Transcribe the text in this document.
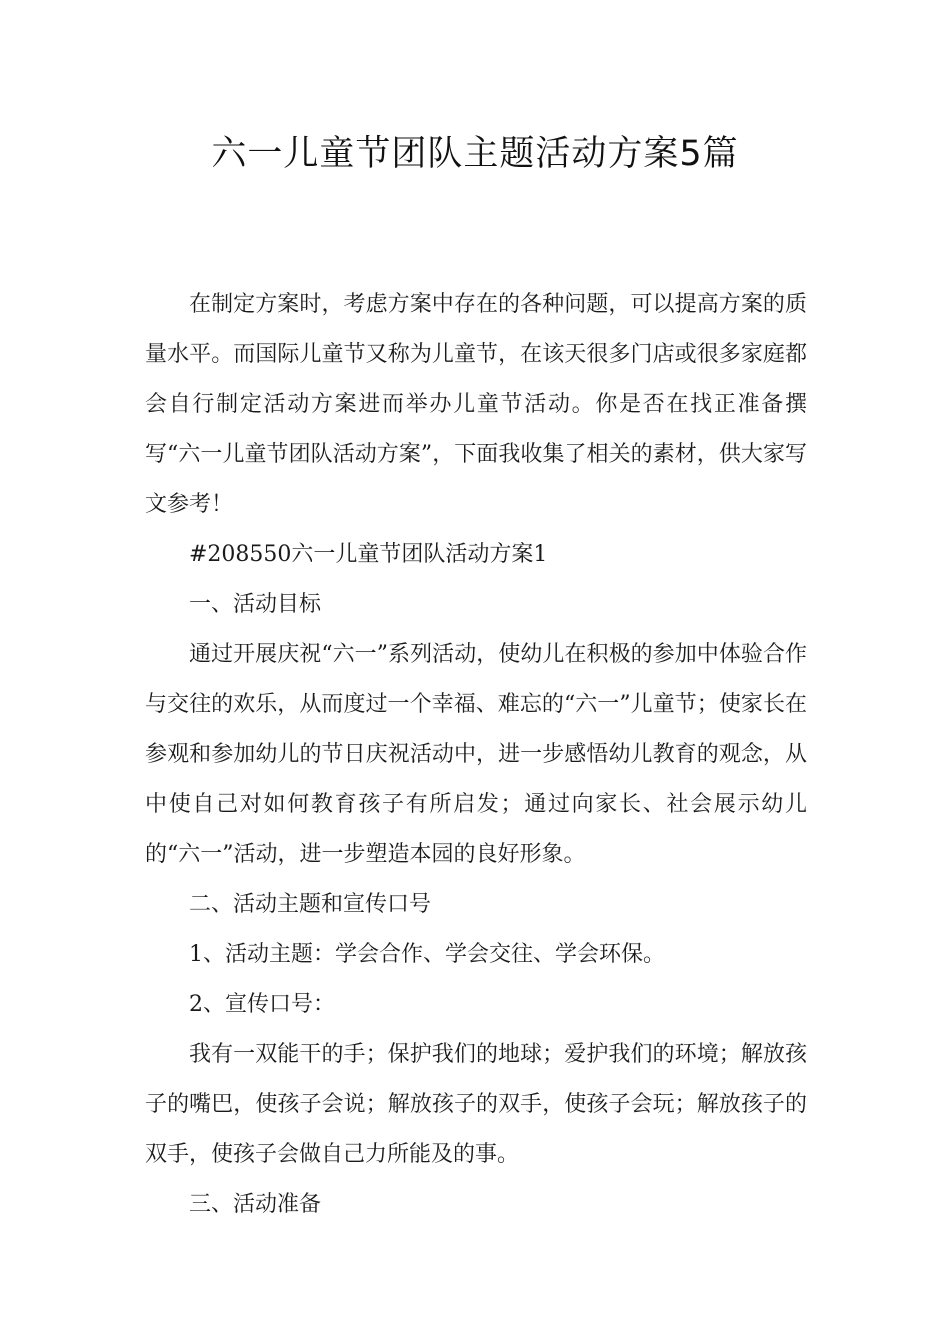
六一儿童节团队主题活动方案5篇

在制定方案时，考虑方案中存在的各种问题，可以提高方案的质量水平。而国际儿童节又称为儿童节，在该天很多门店或很多家庭都会自行制定活动方案进而举办儿童节活动。你是否在找正准备撰写“六一儿童节团队活动方案”，下面我收集了相关的素材，供大家写文参考！

#208550六一儿童节团队活动方案1

一、活动目标

通过开展庆祝“六一”系列活动，使幼儿在积极的参加中体验合作与交往的欢乐，从而度过一个幸福、难忘的“六一”儿童节；使家长在参观和参加幼儿的节日庆祝活动中，进一步感悟幼儿教育的观念，从中使自己对如何教育孩子有所启发；通过向家长、社会展示幼儿的“六一”活动，进一步塑造本园的良好形象。

二、活动主题和宣传口号

1、活动主题：学会合作、学会交往、学会环保。

2、宣传口号：

我有一双能干的手；保护我们的地球；爱护我们的环境；解放孩子的嘴巴，使孩子会说；解放孩子的双手，使孩子会玩；解放孩子的双手，使孩子会做自己力所能及的事。

三、活动准备
